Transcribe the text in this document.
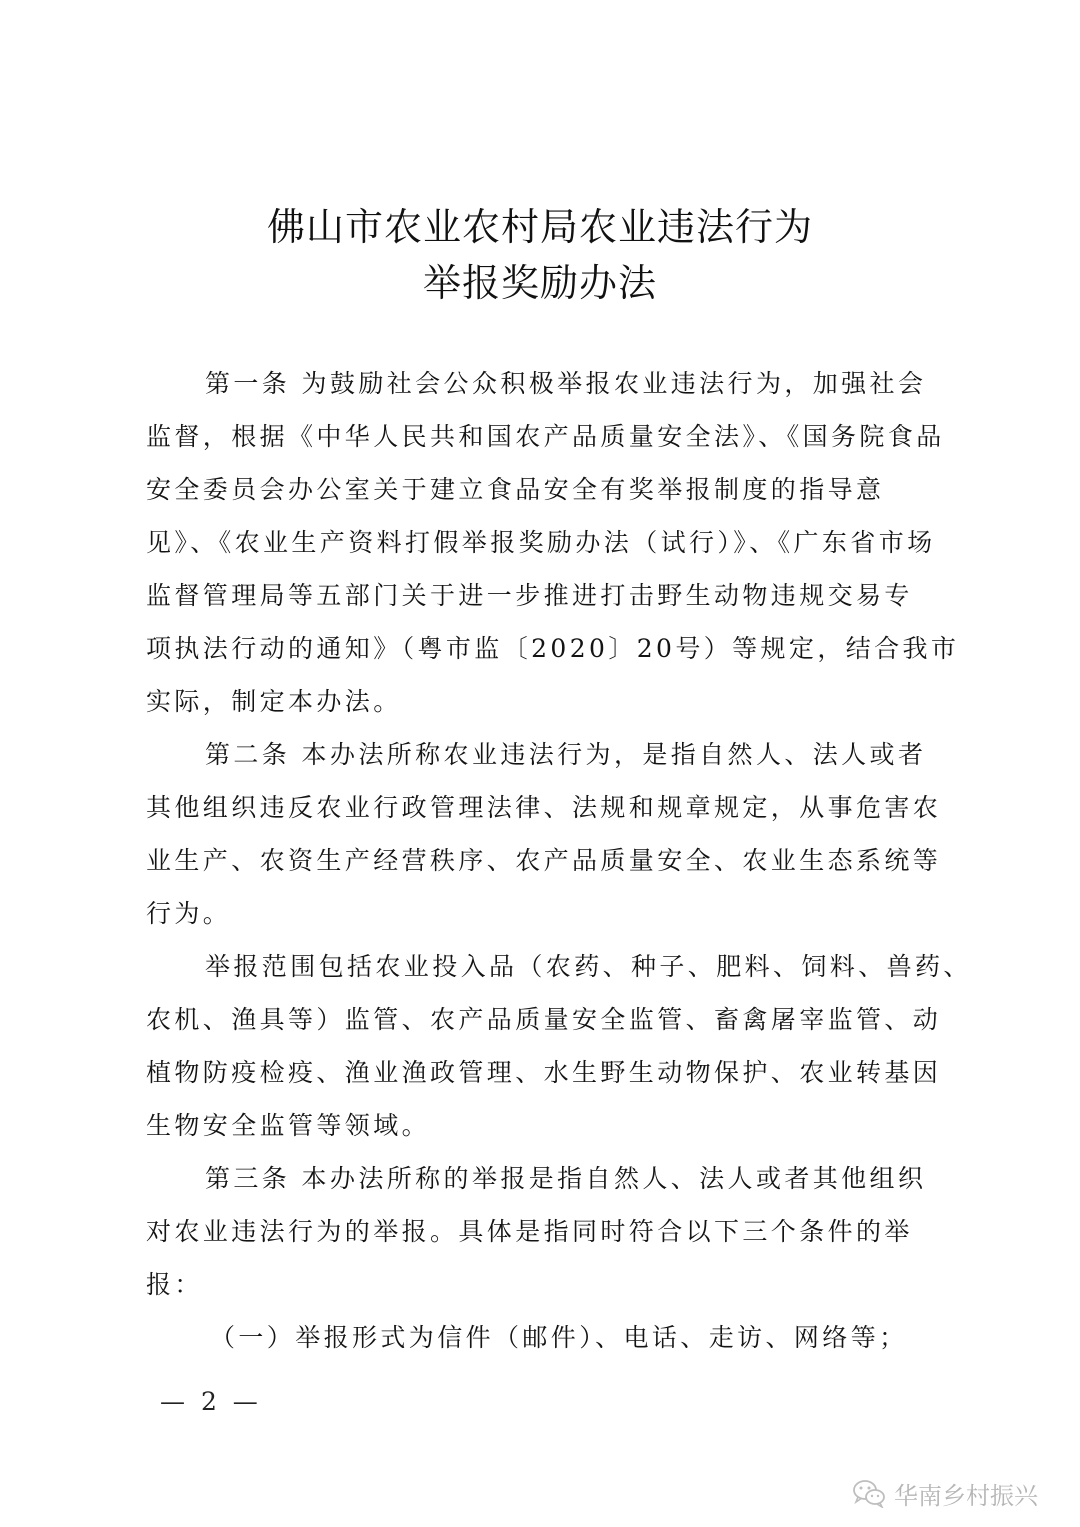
佛山市农业农村局农业违法行为
举报奖励办法
第一条 为鼓励社会公众积极举报农业违法行为，加强社会
监督，根据《中华人民共和国农产品质量安全法》、《国务院食品
安全委员会办公室关于建立食品安全有奖举报制度的指导意
见》、《农业生产资料打假举报奖励办法（试行）》、《广东省市场
监督管理局等五部门关于进一步推进打击野生动物违规交易专
项执法行动的通知》（粤市监〔2020〕20号）等规定，结合我市
实际，制定本办法。
第二条 本办法所称农业违法行为，是指自然人、法人或者
其他组织违反农业行政管理法律、法规和规章规定，从事危害农
业生产、农资生产经营秩序、农产品质量安全、农业生态系统等
行为。
举报范围包括农业投入品（农药、种子、肥料、饲料、兽药、
农机、渔具等）监管、农产品质量安全监管、畜禽屠宰监管、动
植物防疫检疫、渔业渔政管理、水生野生动物保护、农业转基因
生物安全监管等领域。
第三条 本办法所称的举报是指自然人、法人或者其他组织
对农业违法行为的举报。具体是指同时符合以下三个条件的举
报：
（一）举报形式为信件（邮件）、电话、走访、网络等；
— 2 —
华南乡村振兴
